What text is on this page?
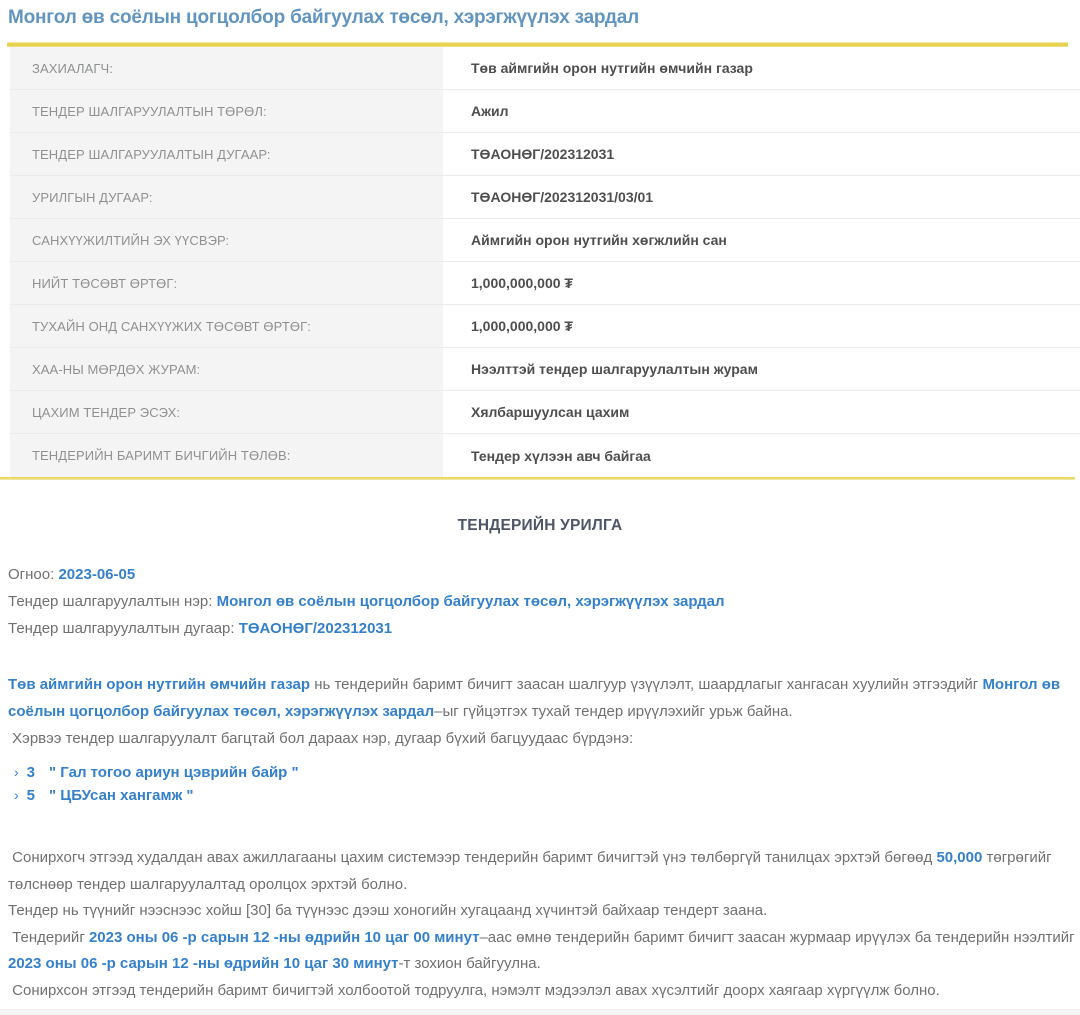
Монгол өв соёлын цогцолбор байгуулах төсөл, хэрэгжүүлэх зардал
ЗАХИАЛАГЧ:	Төв аймгийн орон нутгийн өмчийн газар
ТЕНДЕР ШАЛГАРУУЛАЛТЫН ТӨРӨЛ:	Ажил
ТЕНДЕР ШАЛГАРУУЛАЛТЫН ДУГААР:	ТӨАОНӨГ/202312031
УРИЛГЫН ДУГААР:	ТӨАОНӨГ/202312031/03/01
САНХҮҮЖИЛТИЙН ЭХ ҮҮСВЭР:	Аймгийн орон нутгийн хөгжлийн сан
НИЙТ ТӨСӨВТ ӨРТӨГ:	1,000,000,000 ₮
ТУХАЙН ОНД САНХҮҮЖИХ ТӨСӨВТ ӨРТӨГ:	1,000,000,000 ₮
ХАА-НЫ МӨРДӨХ ЖУРАМ:	Нээлттэй тендер шалгаруулалтын журам
ЦАХИМ ТЕНДЕР ЭСЭХ:	Хялбаршуулсан цахим
ТЕНДЕРИЙН БАРИМТ БИЧГИЙН ТӨЛӨВ:	Тендер хүлээн авч байгаа
ТЕНДЕРИЙН УРИЛГА
Огноо: 2023-06-05
Тендер шалгаруулалтын нэр: Монгол өв соёлын цогцолбор байгуулах төсөл, хэрэгжүүлэх зардал
Тендер шалгаруулалтын дугаар: ТӨАОНӨГ/202312031

Төв аймгийн орон нутгийн өмчийн газар нь тендерийн баримт бичигт заасан шалгуур үзүүлэлт, шаардлагыг хангасан хуулийн этгээдийг Монгол өв соёлын цогцолбор байгуулах төсөл, хэрэгжүүлэх зардал–ыг гүйцэтгэх тухай тендер ирүүлэхийг урьж байна.

Хэрвээ тендер шалгаруулалт багцтай бол дараах нэр, дугаар бүхий багцуудаас бүрдэнэ:

› 3 " Гал тогоо ариун цэврийн байр "
› 5 " ЦБУсан хангамж "

Сонирхогч этгээд худалдан авах ажиллагааны цахим системээр тендерийн баримт бичигтэй үнэ төлбөргүй танилцах эрхтэй бөгөөд 50,000 төгрөгийг төлснөөр тендер шалгаруулалтад оролцох эрхтэй болно.

Тендер нь түүнийг нээснээс хойш [30] ба түүнээс дээш хоногийн хугацаанд хүчинтэй байхаар тендерт заана.

Тендерийг 2023 оны 06 -р сарын 12 -ны өдрийн 10 цаг 00 минут–аас өмнө тендерийн баримт бичигт заасан журмаар ирүүлэх ба тендерийн нээлтийг 2023 оны 06 -р сарын 12 -ны өдрийн 10 цаг 30 минут-т зохион байгуулна.

Сонирхсон этгээд тендерийн баримт бичигтэй холбоотой тодруулга, нэмэлт мэдээлэл авах хүсэлтийг доорх хаягаар хүргүүлж болно.
